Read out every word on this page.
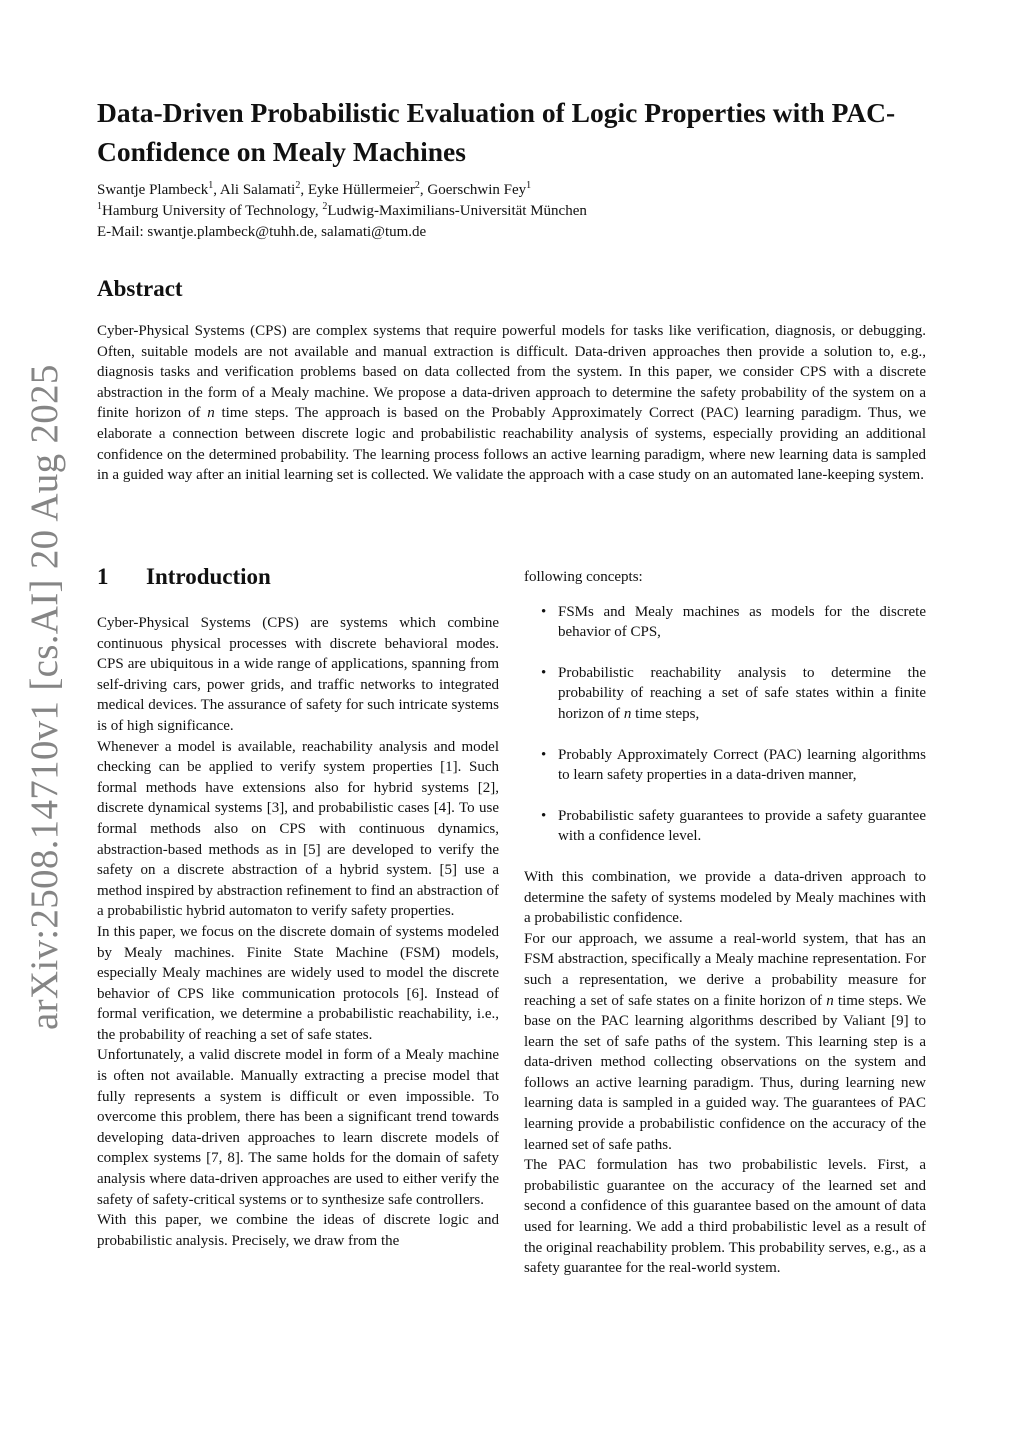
arXiv:2508.14710v1 [cs.AI] 20 Aug 2025
Data-Driven Probabilistic Evaluation of Logic Properties with PAC-Confidence on Mealy Machines
Swantje Plambeck$^1$, Ali Salamati$^2$, Eyke Hüllermeier$^2$, Goerschwin Fey$^1$
$^1$Hamburg University of Technology, $^2$Ludwig-Maximilians-Universität München
E-Mail: swantje.plambeck@tuhh.de, salamati@tum.de
Abstract

Cyber-Physical Systems (CPS) are complex systems that require powerful models for tasks like verification, diagnosis, or debugging. Often, suitable models are not available and manual extraction is difficult. Data-driven approaches then provide a solution to, e.g., diagnosis tasks and verification problems based on data collected from the system. In this paper, we consider CPS with a discrete abstraction in the form of a Mealy machine. We propose a data-driven approach to determine the safety probability of the system on a finite horizon of n time steps. The approach is based on the Probably Approximately Correct (PAC) learning paradigm. Thus, we elaborate a connection between discrete logic and probabilistic reachability analysis of systems, especially providing an additional confidence on the determined probability. The learning process follows an active learning paradigm, where new learning data is sampled in a guided way after an initial learning set is collected. We validate the approach with a case study on an automated lane-keeping system.

1	Introduction

Cyber-Physical Systems (CPS) are systems which combine continuous physical processes with discrete behavioral modes. CPS are ubiquitous in a wide range of applications, spanning from self-driving cars, power grids, and traffic networks to integrated medical devices. The assurance of safety for such intricate systems is of high significance.

Whenever a model is available, reachability analysis and model checking can be applied to verify system properties [1]. Such formal methods have extensions also for hybrid systems [2], discrete dynamical systems [3], and probabilistic cases [4]. To use formal methods also on CPS with continuous dynamics, abstraction-based methods as in [5] are developed to verify the safety on a discrete abstraction of a hybrid system. [5] use a method inspired by abstraction refinement to find an abstraction of a probabilistic hybrid automaton to verify safety properties.

In this paper, we focus on the discrete domain of systems modeled by Mealy machines. Finite State Machine (FSM) models, especially Mealy machines are widely used to model the discrete behavior of CPS like communication protocols [6]. Instead of formal verification, we determine a probabilistic reachability, i.e., the probability of reaching a set of safe states.

Unfortunately, a valid discrete model in form of a Mealy machine is often not available. Manually extracting a precise model that fully represents a system is difficult or even impossible. To overcome this problem, there has been a significant trend towards developing data-driven approaches to learn discrete models of complex systems [7, 8]. The same holds for the domain of safety analysis where data-driven approaches are used to either verify the safety of safety-critical systems or to synthesize safe controllers.

With this paper, we combine the ideas of discrete logic and probabilistic analysis. Precisely, we draw from the

following concepts:

• FSMs and Mealy machines as models for the discrete behavior of CPS,
• Probabilistic reachability analysis to determine the probability of reaching a set of safe states within a finite horizon of n time steps,
• Probably Approximately Correct (PAC) learning algorithms to learn safety properties in a data-driven manner,
• Probabilistic safety guarantees to provide a safety guarantee with a confidence level.

With this combination, we provide a data-driven approach to determine the safety of systems modeled by Mealy machines with a probabilistic confidence.

For our approach, we assume a real-world system, that has an FSM abstraction, specifically a Mealy machine representation. For such a representation, we derive a probability measure for reaching a set of safe states on a finite horizon of n time steps. We base on the PAC learning algorithms described by Valiant [9] to learn the set of safe paths of the system. This learning step is a data-driven method collecting observations on the system and follows an active learning paradigm. Thus, during learning new learning data is sampled in a guided way. The guarantees of PAC learning provide a probabilistic confidence on the accuracy of the learned set of safe paths.

The PAC formulation has two probabilistic levels. First, a probabilistic guarantee on the accuracy of the learned set and second a confidence of this guarantee based on the amount of data used for learning. We add a third probabilistic level as a result of the original reachability problem. This probability serves, e.g., as a safety guarantee for the real-world system.
